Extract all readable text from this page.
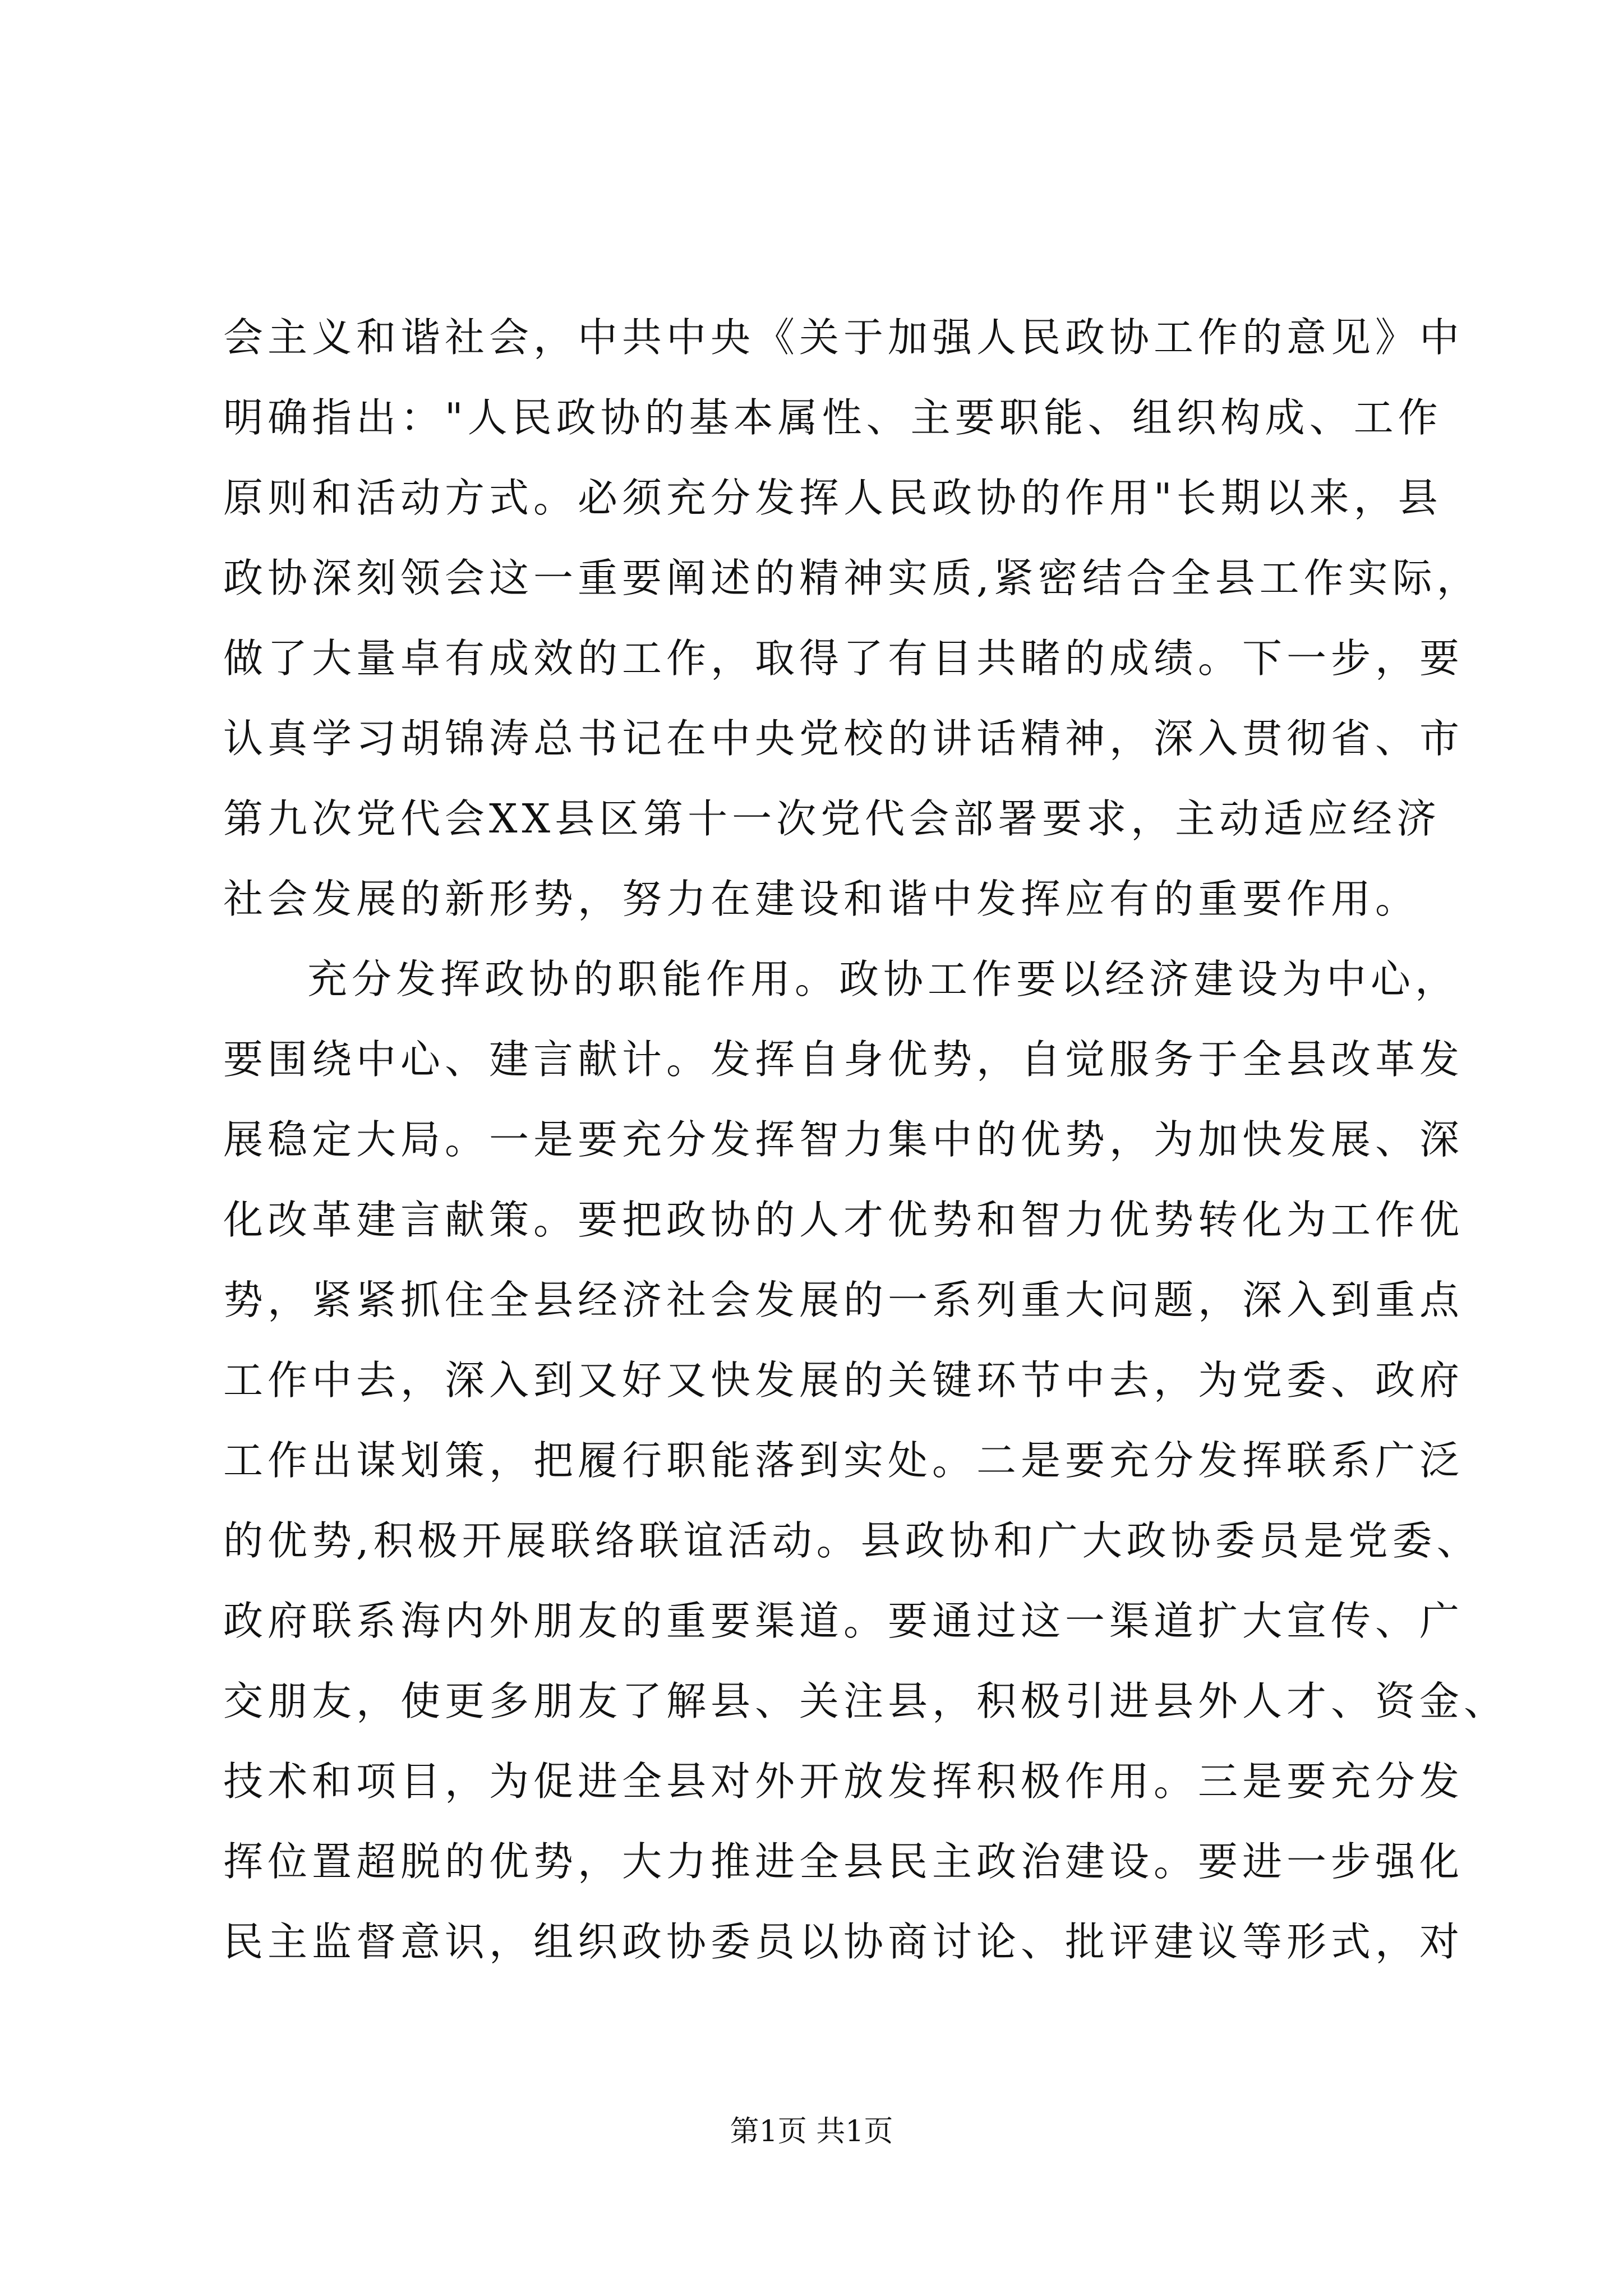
会主义和谐社会，中共中央《关于加强人民政协工作的意见》中
明确指出："人民政协的基本属性、主要职能、组织构成、工作
原则和活动方式。必须充分发挥人民政协的作用"长期以来，县
政协深刻领会这一重要阐述的精神实质,紧密结合全县工作实际，
做了大量卓有成效的工作，取得了有目共睹的成绩。下一步，要
认真学习胡锦涛总书记在中央党校的讲话精神，深入贯彻省、市
第九次党代会XX县区第十一次党代会部署要求，主动适应经济
社会发展的新形势，努力在建设和谐中发挥应有的重要作用。
充分发挥政协的职能作用。政协工作要以经济建设为中心，
要围绕中心、建言献计。发挥自身优势，自觉服务于全县改革发
展稳定大局。一是要充分发挥智力集中的优势，为加快发展、深
化改革建言献策。要把政协的人才优势和智力优势转化为工作优
势，紧紧抓住全县经济社会发展的一系列重大问题，深入到重点
工作中去，深入到又好又快发展的关键环节中去，为党委、政府
工作出谋划策，把履行职能落到实处。二是要充分发挥联系广泛
的优势,积极开展联络联谊活动。县政协和广大政协委员是党委、
政府联系海内外朋友的重要渠道。要通过这一渠道扩大宣传、广
交朋友，使更多朋友了解县、关注县，积极引进县外人才、资金、
技术和项目，为促进全县对外开放发挥积极作用。三是要充分发
挥位置超脱的优势，大力推进全县民主政治建设。要进一步强化
民主监督意识，组织政协委员以协商讨论、批评建议等形式，对
第1页 共1页
